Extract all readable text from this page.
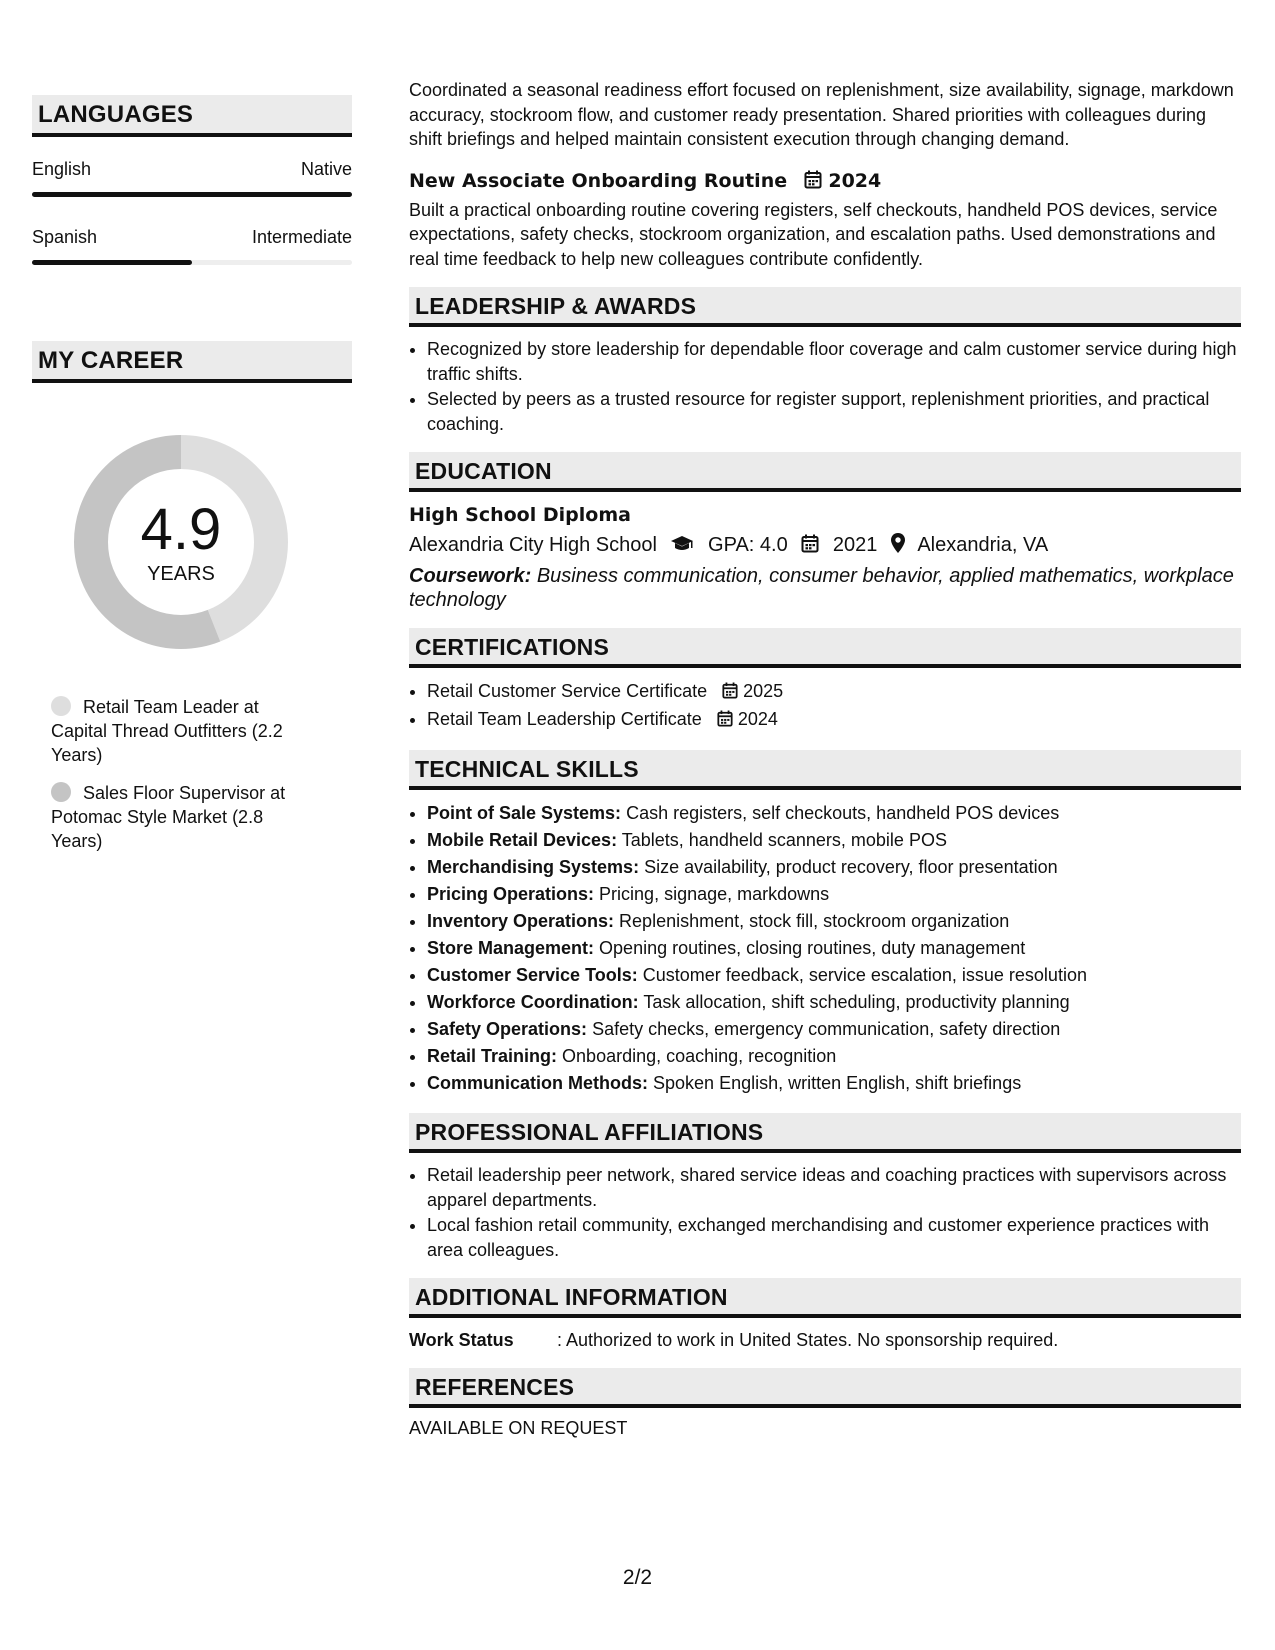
LANGUAGES
English	Native
Spanish	Intermediate
MY CAREER
4.9
YEARS
Retail Team Leader at Capital Thread Outfitters (2.2 Years)
Sales Floor Supervisor at Potomac Style Market (2.8 Years)

Coordinated a seasonal readiness effort focused on replenishment, size availability, signage, markdown accuracy, stockroom flow, and customer ready presentation. Shared priorities with colleagues during shift briefings and helped maintain consistent execution through changing demand.

New Associate Onboarding Routine 2024

Built a practical onboarding routine covering registers, self checkouts, handheld POS devices, service expectations, safety checks, stockroom organization, and escalation paths. Used demonstrations and real time feedback to help new colleagues contribute confidently.

LEADERSHIP & AWARDS
• Recognized by store leadership for dependable floor coverage and calm customer service during high traffic shifts.
• Selected by peers as a trusted resource for register support, replenishment priorities, and practical coaching.
EDUCATION
High School Diploma
Alexandria City High School	GPA: 4.0 2021 Alexandria, VA
Coursework: Business communication, consumer behavior, applied mathematics, workplace technology
CERTIFICATIONS
• Retail Customer Service Certificate 2025
• Retail Team Leadership Certificate 2024
TECHNICAL SKILLS
• Point of Sale Systems: Cash registers, self checkouts, handheld POS devices
• Mobile Retail Devices: Tablets, handheld scanners, mobile POS
• Merchandising Systems: Size availability, product recovery, floor presentation
• Pricing Operations: Pricing, signage, markdowns
• Inventory Operations: Replenishment, stock fill, stockroom organization
• Store Management: Opening routines, closing routines, duty management
• Customer Service Tools: Customer feedback, service escalation, issue resolution
• Workforce Coordination: Task allocation, shift scheduling, productivity planning
• Safety Operations: Safety checks, emergency communication, safety direction
• Retail Training: Onboarding, coaching, recognition
• Communication Methods: Spoken English, written English, shift briefings
PROFESSIONAL AFFILIATIONS
• Retail leadership peer network, shared service ideas and coaching practices with supervisors across apparel departments.
• Local fashion retail community, exchanged merchandising and customer experience practices with area colleagues.
ADDITIONAL INFORMATION
Work Status	: Authorized to work in United States. No sponsorship required.
REFERENCES
AVAILABLE ON REQUEST
2/2
